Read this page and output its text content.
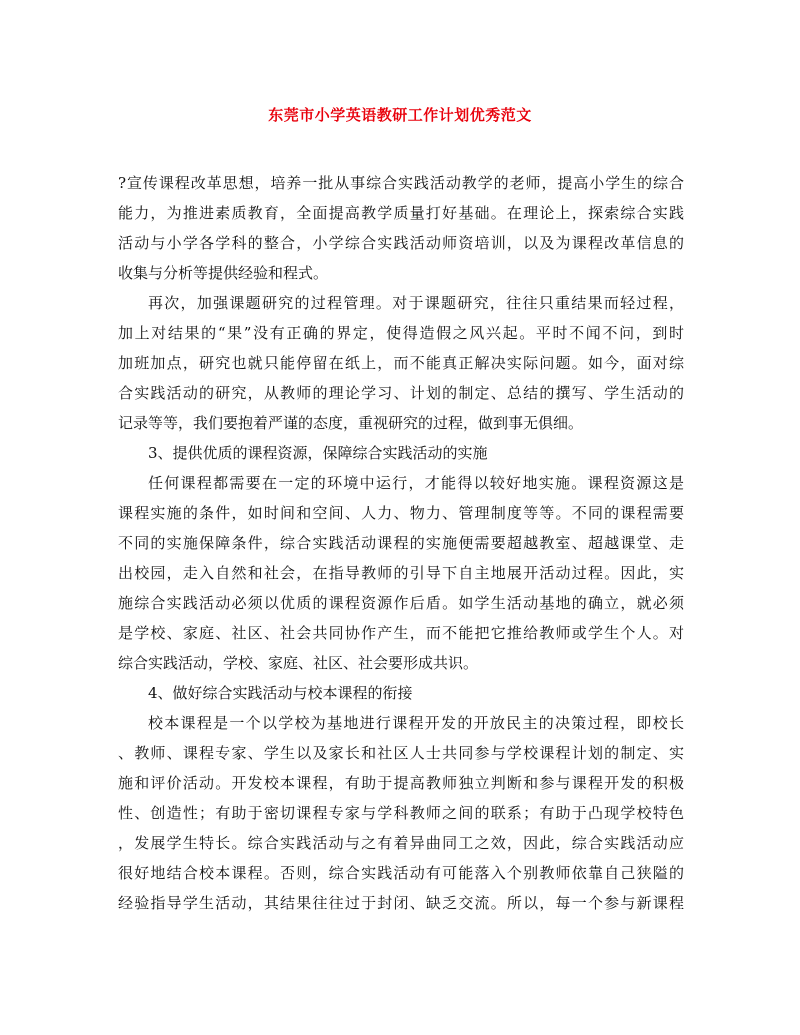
东莞市小学英语教研工作计划优秀范文
?宣传课程改革思想，培养一批从事综合实践活动教学的老师，提高小学生的综合
能力，为推进素质教育，全面提高教学质量打好基础。在理论上，探索综合实践
活动与小学各学科的整合，小学综合实践活动师资培训，以及为课程改革信息的
收集与分析等提供经验和程式。
再次，加强课题研究的过程管理。对于课题研究，往往只重结果而轻过程，
加上对结果的“果”没有正确的界定，使得造假之风兴起。平时不闻不问，到时
加班加点，研究也就只能停留在纸上，而不能真正解决实际问题。如今，面对综
合实践活动的研究，从教师的理论学习、计划的制定、总结的撰写、学生活动的
记录等等，我们要抱着严谨的态度，重视研究的过程，做到事无俱细。
3、提供优质的课程资源，保障综合实践活动的实施
任何课程都需要在一定的环境中运行，才能得以较好地实施。课程资源这是
课程实施的条件，如时间和空间、人力、物力、管理制度等等。不同的课程需要
不同的实施保障条件，综合实践活动课程的实施便需要超越教室、超越课堂、走
出校园，走入自然和社会，在指导教师的引导下自主地展开活动过程。因此，实
施综合实践活动必须以优质的课程资源作后盾。如学生活动基地的确立，就必须
是学校、家庭、社区、社会共同协作产生，而不能把它推给教师或学生个人。对
综合实践活动，学校、家庭、社区、社会要形成共识。
4、做好综合实践活动与校本课程的衔接
校本课程是一个以学校为基地进行课程开发的开放民主的决策过程，即校长
、教师、课程专家、学生以及家长和社区人士共同参与学校课程计划的制定、实
施和评价活动。开发校本课程，有助于提高教师独立判断和参与课程开发的积极
性、创造性；有助于密切课程专家与学科教师之间的联系；有助于凸现学校特色
，发展学生特长。综合实践活动与之有着异曲同工之效，因此，综合实践活动应
很好地结合校本课程。否则，综合实践活动有可能落入个别教师依靠自己狭隘的
经验指导学生活动，其结果往往过于封闭、缺乏交流。所以，每一个参与新课程
